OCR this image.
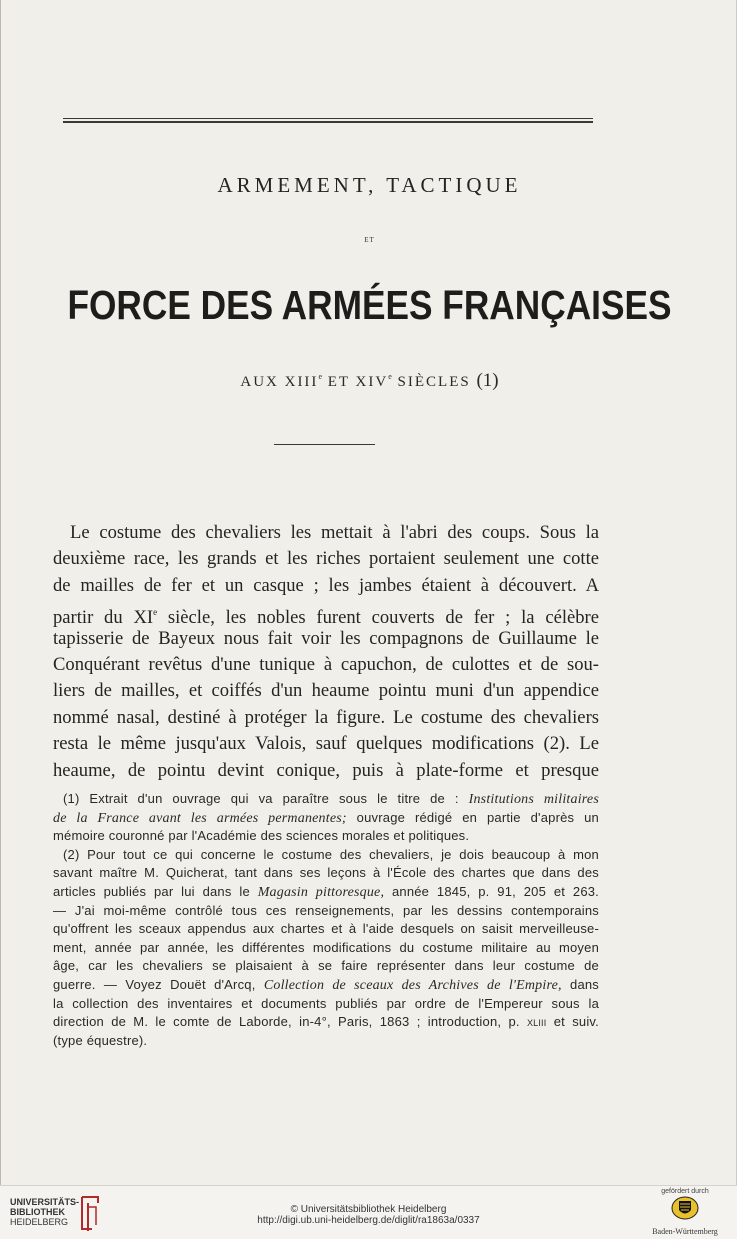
ARMEMENT, TACTIQUE
ET
FORCE DES ARMÉES FRANÇAISES
AUX XIIIe ET XIVe SIÈCLES (1)
Le costume des chevaliers les mettait à l'abri des coups. Sous la
deuxième race, les grands et les riches portaient seulement une cotte
de mailles de fer et un casque ; les jambes étaient à découvert. A
partir du XIe siècle, les nobles furent couverts de fer ; la célèbre
tapisserie de Bayeux nous fait voir les compagnons de Guillaume le
Conquérant revêtus d'une tunique à capuchon, de culottes et de sou-
liers de mailles, et coiffés d'un heaume pointu muni d'un appendice
nommé nasal, destiné à protéger la figure. Le costume des chevaliers
resta le même jusqu'aux Valois, sauf quelques modifications (2). Le
heaume, de pointu devint conique, puis à plate-forme et presque
(1) Extrait d'un ouvrage qui va paraître sous le titre de : Institutions militaires
de la France avant les armées permanentes; ouvrage rédigé en partie d'après un
mémoire couronné par l'Académie des sciences morales et politiques.
(2) Pour tout ce qui concerne le costume des chevaliers, je dois beaucoup à mon
savant maître M. Quicherat, tant dans ses leçons à l'École des chartes que dans des
articles publiés par lui dans le Magasin pittoresque, année 1845, p. 91, 205 et 263.
— J'ai moi-même contrôlé tous ces renseignements, par les dessins contemporains
qu'offrent les sceaux appendus aux chartes et à l'aide desquels on saisit merveilleuse-
ment, année par année, les différentes modifications du costume militaire au moyen
âge, car les chevaliers se plaisaient à se faire représenter dans leur costume de
guerre. — Voyez Douët d'Arcq, Collection de sceaux des Archives de l'Empire, dans
la collection des inventaires et documents publiés par ordre de l'Empereur sous la
direction de M. le comte de Laborde, in-4°, Paris, 1863 ; introduction, p. xliii et suiv.
(type équestre).
UNIVERSITÄTS-
BIBLIOTHEK
HEIDELBERG
© Universitätsbibliothek Heidelberg
http://digi.ub.uni-heidelberg.de/diglit/ra1863a/0337
gefördert durch
Baden-Württemberg
